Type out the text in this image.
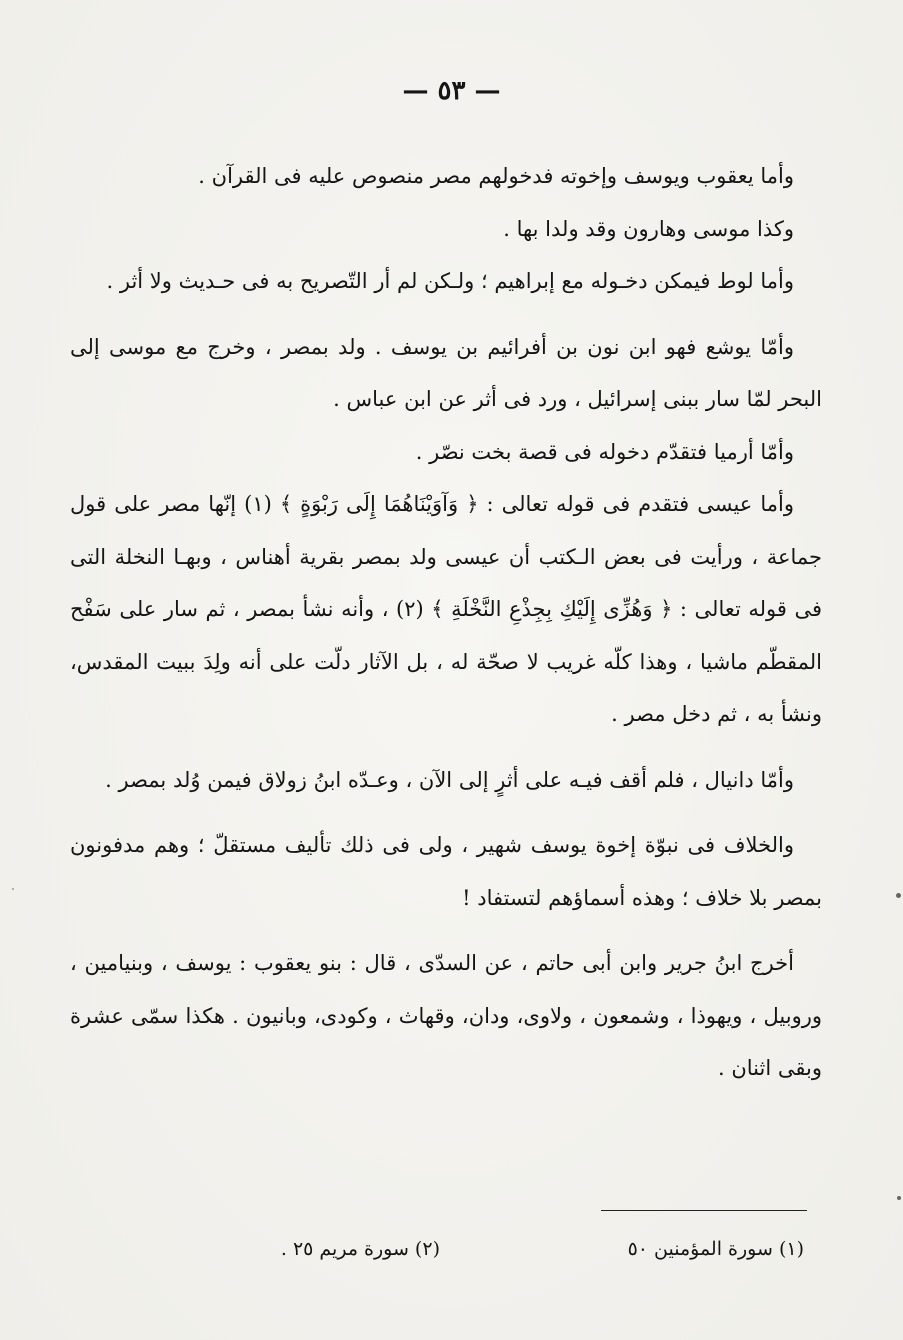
— ٥٣ —

وأما يعقوب ويوسف وإخوته فدخولهم مصر منصوص عليه فى القرآن .

وكذا موسى وهارون وقد ولدا بها .

وأما لوط فيمكن دخـوله مع إبراهيم ؛ ولـكن لم أر التّصريح به فى حـديث ولا أثر .

وأمّا يوشع فهو ابن نون بن أفرائيم بن يوسف . ولد بمصر ، وخرج مع موسى إلى البحر لمّا سار ببنى إسرائيل ، ورد فى أثر عن ابن عباس .

وأمّا أرميا فتقدّم دخوله فى قصة بخت نصّر .

وأما عيسى فتقدم فى قوله تعالى : ﴿ وَآوَيْنَاهُمَا إِلَى رَبْوَةٍ ﴾ (١) إنّها مصر على قول جماعة ، ورأيت فى بعض الـكتب أن عيسى ولد بمصر بقرية أهناس ، وبهـا النخلة التى فى قوله تعالى : ﴿ وَهُزِّى إِلَيْكِ بِجِذْعِ النَّخْلَةِ ﴾ (٢) ، وأنه نشأ بمصر ، ثم سار على سَفْح المقطّم ماشيا ، وهذا كلّه غريب لا صحّة له ، بل الآثار دلّت على أنه ولِدَ ببيت المقدس، ونشأ به ، ثم دخل مصر .

وأمّا دانيال ، فلم أقف فيـه على أثرٍ إلى الآن ، وعـدّه ابنُ زولاق فيمن وُلد بمصر .

والخلاف فى نبوّة إخوة يوسف شهير ، ولى فى ذلك تأليف مستقلّ ؛ وهم مدفونون بمصر بلا خلاف ؛ وهذه أسماؤهم لتستفاد !

أخرج ابنُ جرير وابن أبى حاتم ، عن السدّى ، قال : بنو يعقوب : يوسف ، وبنيامين ، وروبيل ، ويهوذا ، وشمعون ، ولاوى، ودان، وقهاث ، وكودى، وبانيون . هكذا سمّى عشرة وبقى اثنان .

(١) سورة المؤمنين ٥٠
(٢) سورة مريم ٢٥ .
